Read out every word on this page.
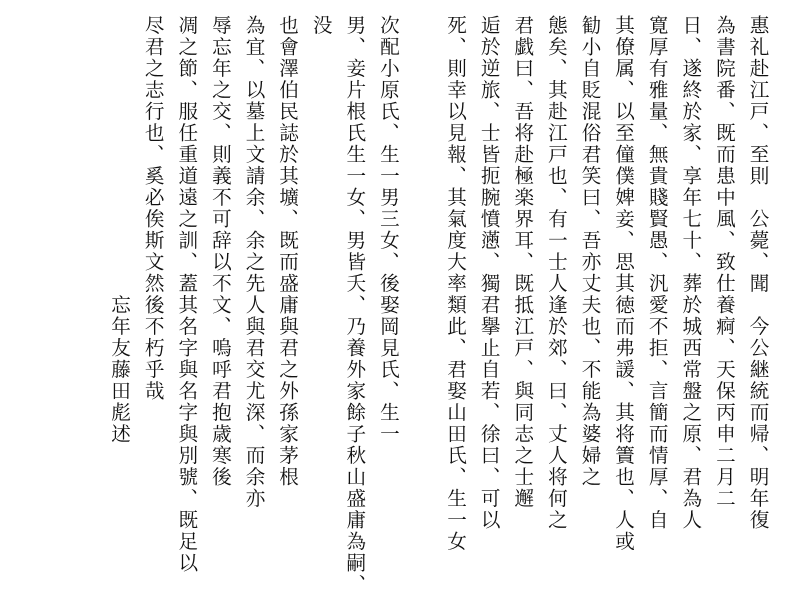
惠礼赴江戸、至則　公薨、聞　今公継統而帰、明年復
為書院番、既而患中風、致仕養痾、天保丙申二月二
日、遂終於家、享年七十、葬於城西常盤之原、君為人
寛厚有雅量、無貴賤賢愚、汎愛不拒、言簡而情厚、自
其僚属、以至僮僕婢妾、思其徳而弗諼、其将簀也、人或
勧小自貶混俗君笑曰、吾亦丈夫也、不能為婆婦之
態矣、其赴江戸也、有一士人逢於郊、曰、丈人将何之
君戯曰、吾将赴極楽界耳、既抵江戸、與同志之士邂
逅於逆旅、士皆扼腕憤懣、獨君擧止自若、徐曰、可以
死、則幸以見報、其氣度大率類此、君娶山田氏、生一女
次配小原氏、生一男三女、後娶岡見氏、生一
男、妾片根氏生一女、男皆夭、乃養外家餘子秋山盛庸為嗣、
没
也會澤伯民誌於其壙、既而盛庸與君之外孫家茅根
為宜、以墓上文請余、余之先人與君交尤深、而余亦
辱忘年之交、則義不可辞以不文、嗚呼君抱歳寒後
凋之節、服任重道遠之訓、蓋其名字與名字與別號、既足以
尽君之志行也、奚必俟斯文然後不朽乎哉
　　　　　　　　　　　　　忘年友藤田彪述
